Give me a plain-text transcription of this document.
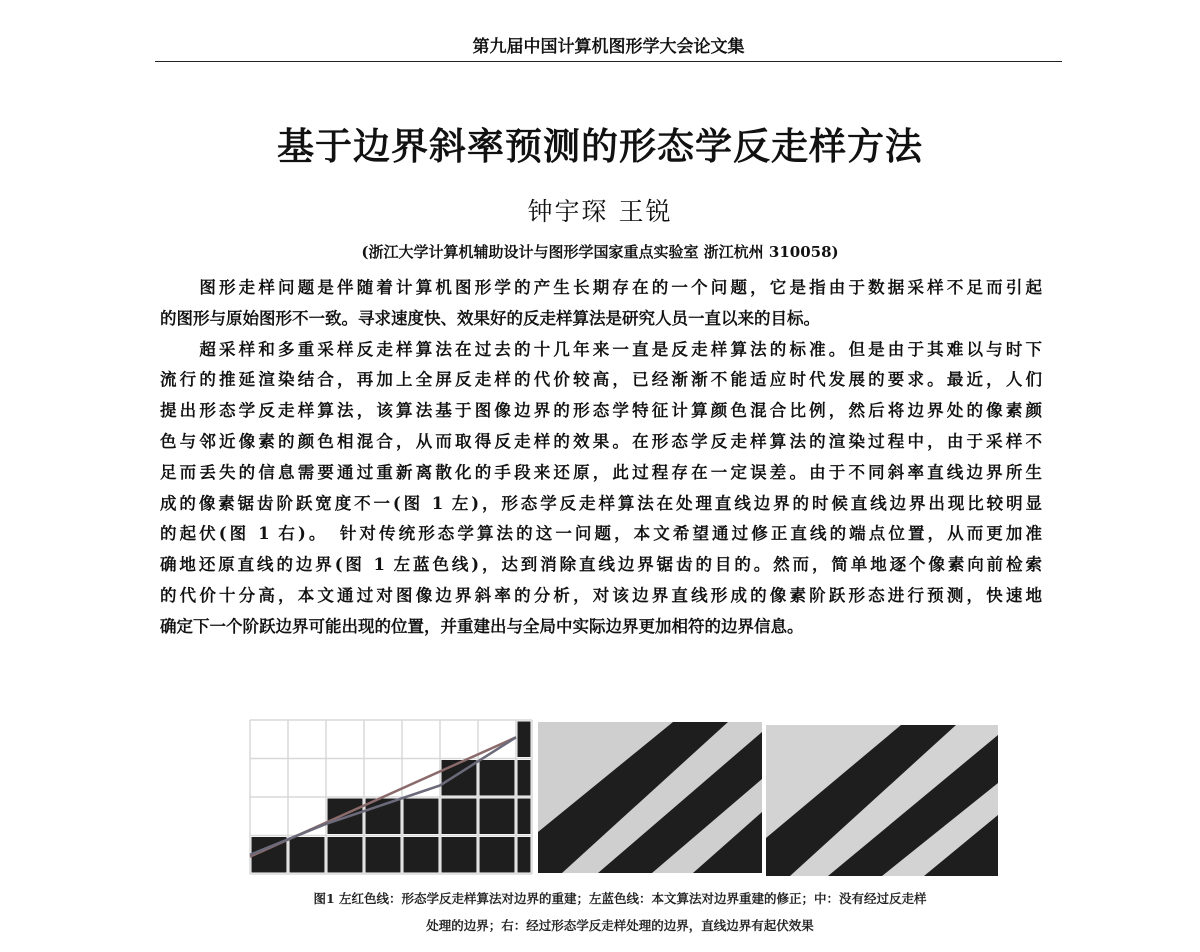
第九届中国计算机图形学大会论文集
基于边界斜率预测的形态学反走样方法
钟宇琛 王锐
(浙江大学计算机辅助设计与图形学国家重点实验室 浙江杭州 310058)
　　图形走样问题是伴随着计算机图形学的产生长期存在的一个问题，它是指由于数据采样不足而引起
的图形与原始图形不一致。寻求速度快、效果好的反走样算法是研究人员一直以来的目标。
　　超采样和多重采样反走样算法在过去的十几年来一直是反走样算法的标准。但是由于其难以与时下
流行的推延渲染结合，再加上全屏反走样的代价较高，已经渐渐不能适应时代发展的要求。最近，人们
提出形态学反走样算法，该算法基于图像边界的形态学特征计算颜色混合比例，然后将边界处的像素颜
色与邻近像素的颜色相混合，从而取得反走样的效果。在形态学反走样算法的渲染过程中，由于采样不
足而丢失的信息需要通过重新离散化的手段来还原，此过程存在一定误差。由于不同斜率直线边界所生
成的像素锯齿阶跃宽度不一(图 1 左)，形态学反走样算法在处理直线边界的时候直线边界出现比较明显
的起伏(图 1 右)。　针对传统形态学算法的这一问题，本文希望通过修正直线的端点位置，从而更加准
确地还原直线的边界(图 1 左蓝色线)，达到消除直线边界锯齿的目的。然而，简单地逐个像素向前检索
的代价十分高，本文通过对图像边界斜率的分析，对该边界直线形成的像素阶跃形态进行预测，快速地
确定下一个阶跃边界可能出现的位置，并重建出与全局中实际边界更加相符的边界信息。
图1 左红色线：形态学反走样算法对边界的重建；左蓝色线：本文算法对边界重建的修正；中：没有经过反走样
处理的边界；右：经过形态学反走样处理的边界，直线边界有起伏效果
